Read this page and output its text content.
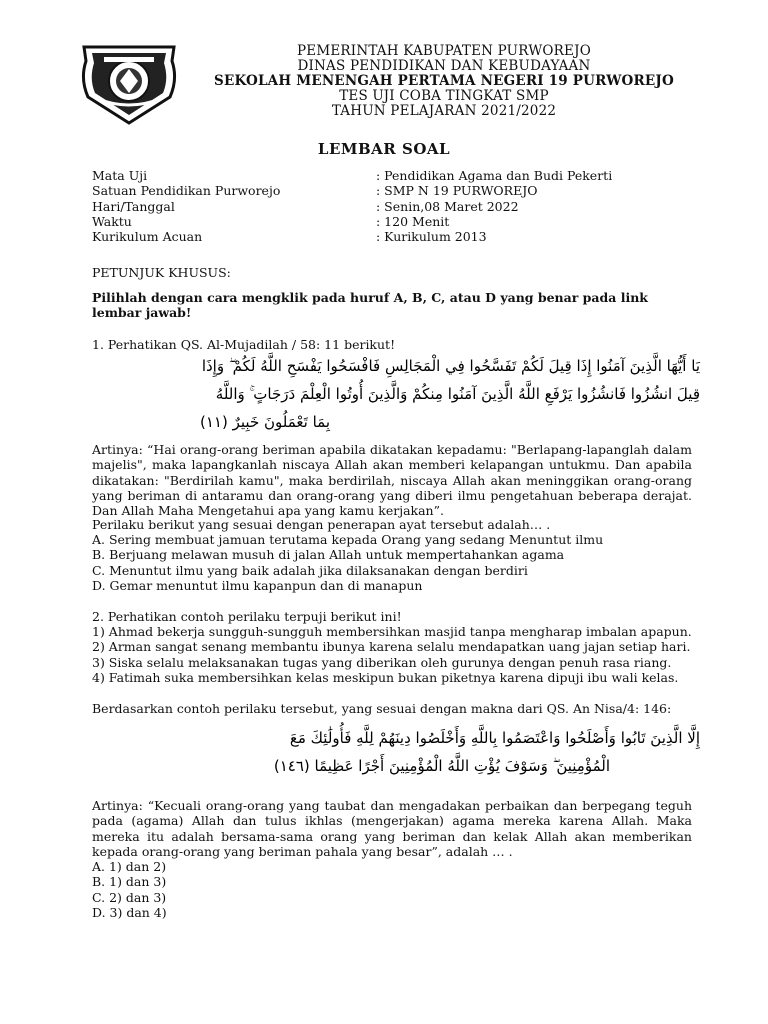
PEMERINTAH KABUPATEN PURWOREJO
DINAS PENDIDIKAN DAN KEBUDAYAAN
SEKOLAH MENENGAH PERTAMA NEGERI 19 PURWOREJO
TES UJI COBA TINGKAT SMP
TAHUN PELAJARAN 2021/2022
LEMBAR SOAL
Mata Uji	: Pendidikan Agama dan Budi Pekerti
Satuan Pendidikan Purworejo	: SMP N 19 PURWOREJO
Hari/Tanggal	: Senin,08 Maret 2022
Waktu	: 120 Menit
Kurikulum Acuan	: Kurikulum 2013
PETUNJUK KHUSUS:
Pilihlah dengan cara mengklik pada huruf A, B, C, atau D yang benar pada link lembar jawab!
1. Perhatikan QS. Al-Mujadilah / 58: 11 berikut!
يَا أَيُّهَا الَّذِينَ آمَنُوا إِذَا قِيلَ لَكُمْ تَفَسَّحُوا فِي الْمَجَالِسِ فَافْسَحُوا يَفْسَحِ اللَّهُ لَكُمْ ۖ وَإِذَا
قِيلَ انشُزُوا فَانشُزُوا يَرْفَعِ اللَّهُ الَّذِينَ آمَنُوا مِنكُمْ وَالَّذِينَ أُوتُوا الْعِلْمَ دَرَجَاتٍ ۚ وَاللَّهُ
بِمَا تَعْمَلُونَ خَبِيرٌ (١١)
Artinya: “Hai orang-orang beriman apabila dikatakan kepadamu: "Berlapang-lapanglah dalam majelis", maka lapangkanlah niscaya Allah akan memberi kelapangan untukmu. Dan apabila dikatakan: "Berdirilah kamu", maka berdirilah, niscaya Allah akan meninggikan orang-orang yang beriman di antaramu dan orang-orang yang diberi ilmu pengetahuan beberapa derajat. Dan Allah Maha Mengetahui apa yang kamu kerjakan”.
Perilaku berikut yang sesuai dengan penerapan ayat tersebut adalah… .
A. Sering membuat jamuan terutama kepada Orang yang sedang Menuntut ilmu
B. Berjuang melawan musuh di jalan Allah untuk mempertahankan agama
C. Menuntut ilmu yang baik adalah jika dilaksanakan dengan berdiri
D. Gemar menuntut ilmu kapanpun dan di manapun
2. Perhatikan contoh perilaku terpuji berikut ini!
1) Ahmad bekerja sungguh-sungguh membersihkan masjid tanpa mengharap imbalan apapun.
2) Arman sangat senang membantu ibunya karena selalu mendapatkan uang jajan setiap hari.
3) Siska selalu melaksanakan tugas yang diberikan oleh gurunya dengan penuh rasa riang.
4) Fatimah suka membersihkan kelas meskipun bukan piketnya karena dipuji ibu wali kelas.
Berdasarkan contoh perilaku tersebut, yang sesuai dengan makna dari QS. An Nisa/4: 146:
إِلَّا الَّذِينَ تَابُوا وَأَصْلَحُوا وَاعْتَصَمُوا بِاللَّهِ وَأَخْلَصُوا دِينَهُمْ لِلَّهِ فَأُولَٰئِكَ مَعَ
الْمُؤْمِنِينَ ۖ وَسَوْفَ يُؤْتِ اللَّهُ الْمُؤْمِنِينَ أَجْرًا عَظِيمًا (١٤٦)
Artinya: “Kecuali orang-orang yang taubat dan mengadakan perbaikan dan berpegang teguh pada (agama) Allah dan tulus ikhlas (mengerjakan) agama mereka karena Allah. Maka mereka itu adalah bersama-sama orang yang beriman dan kelak Allah akan memberikan kepada orang-orang yang beriman pahala yang besar”, adalah … .
A. 1) dan 2)
B. 1) dan 3)
C. 2) dan 3)
D. 3) dan 4)
